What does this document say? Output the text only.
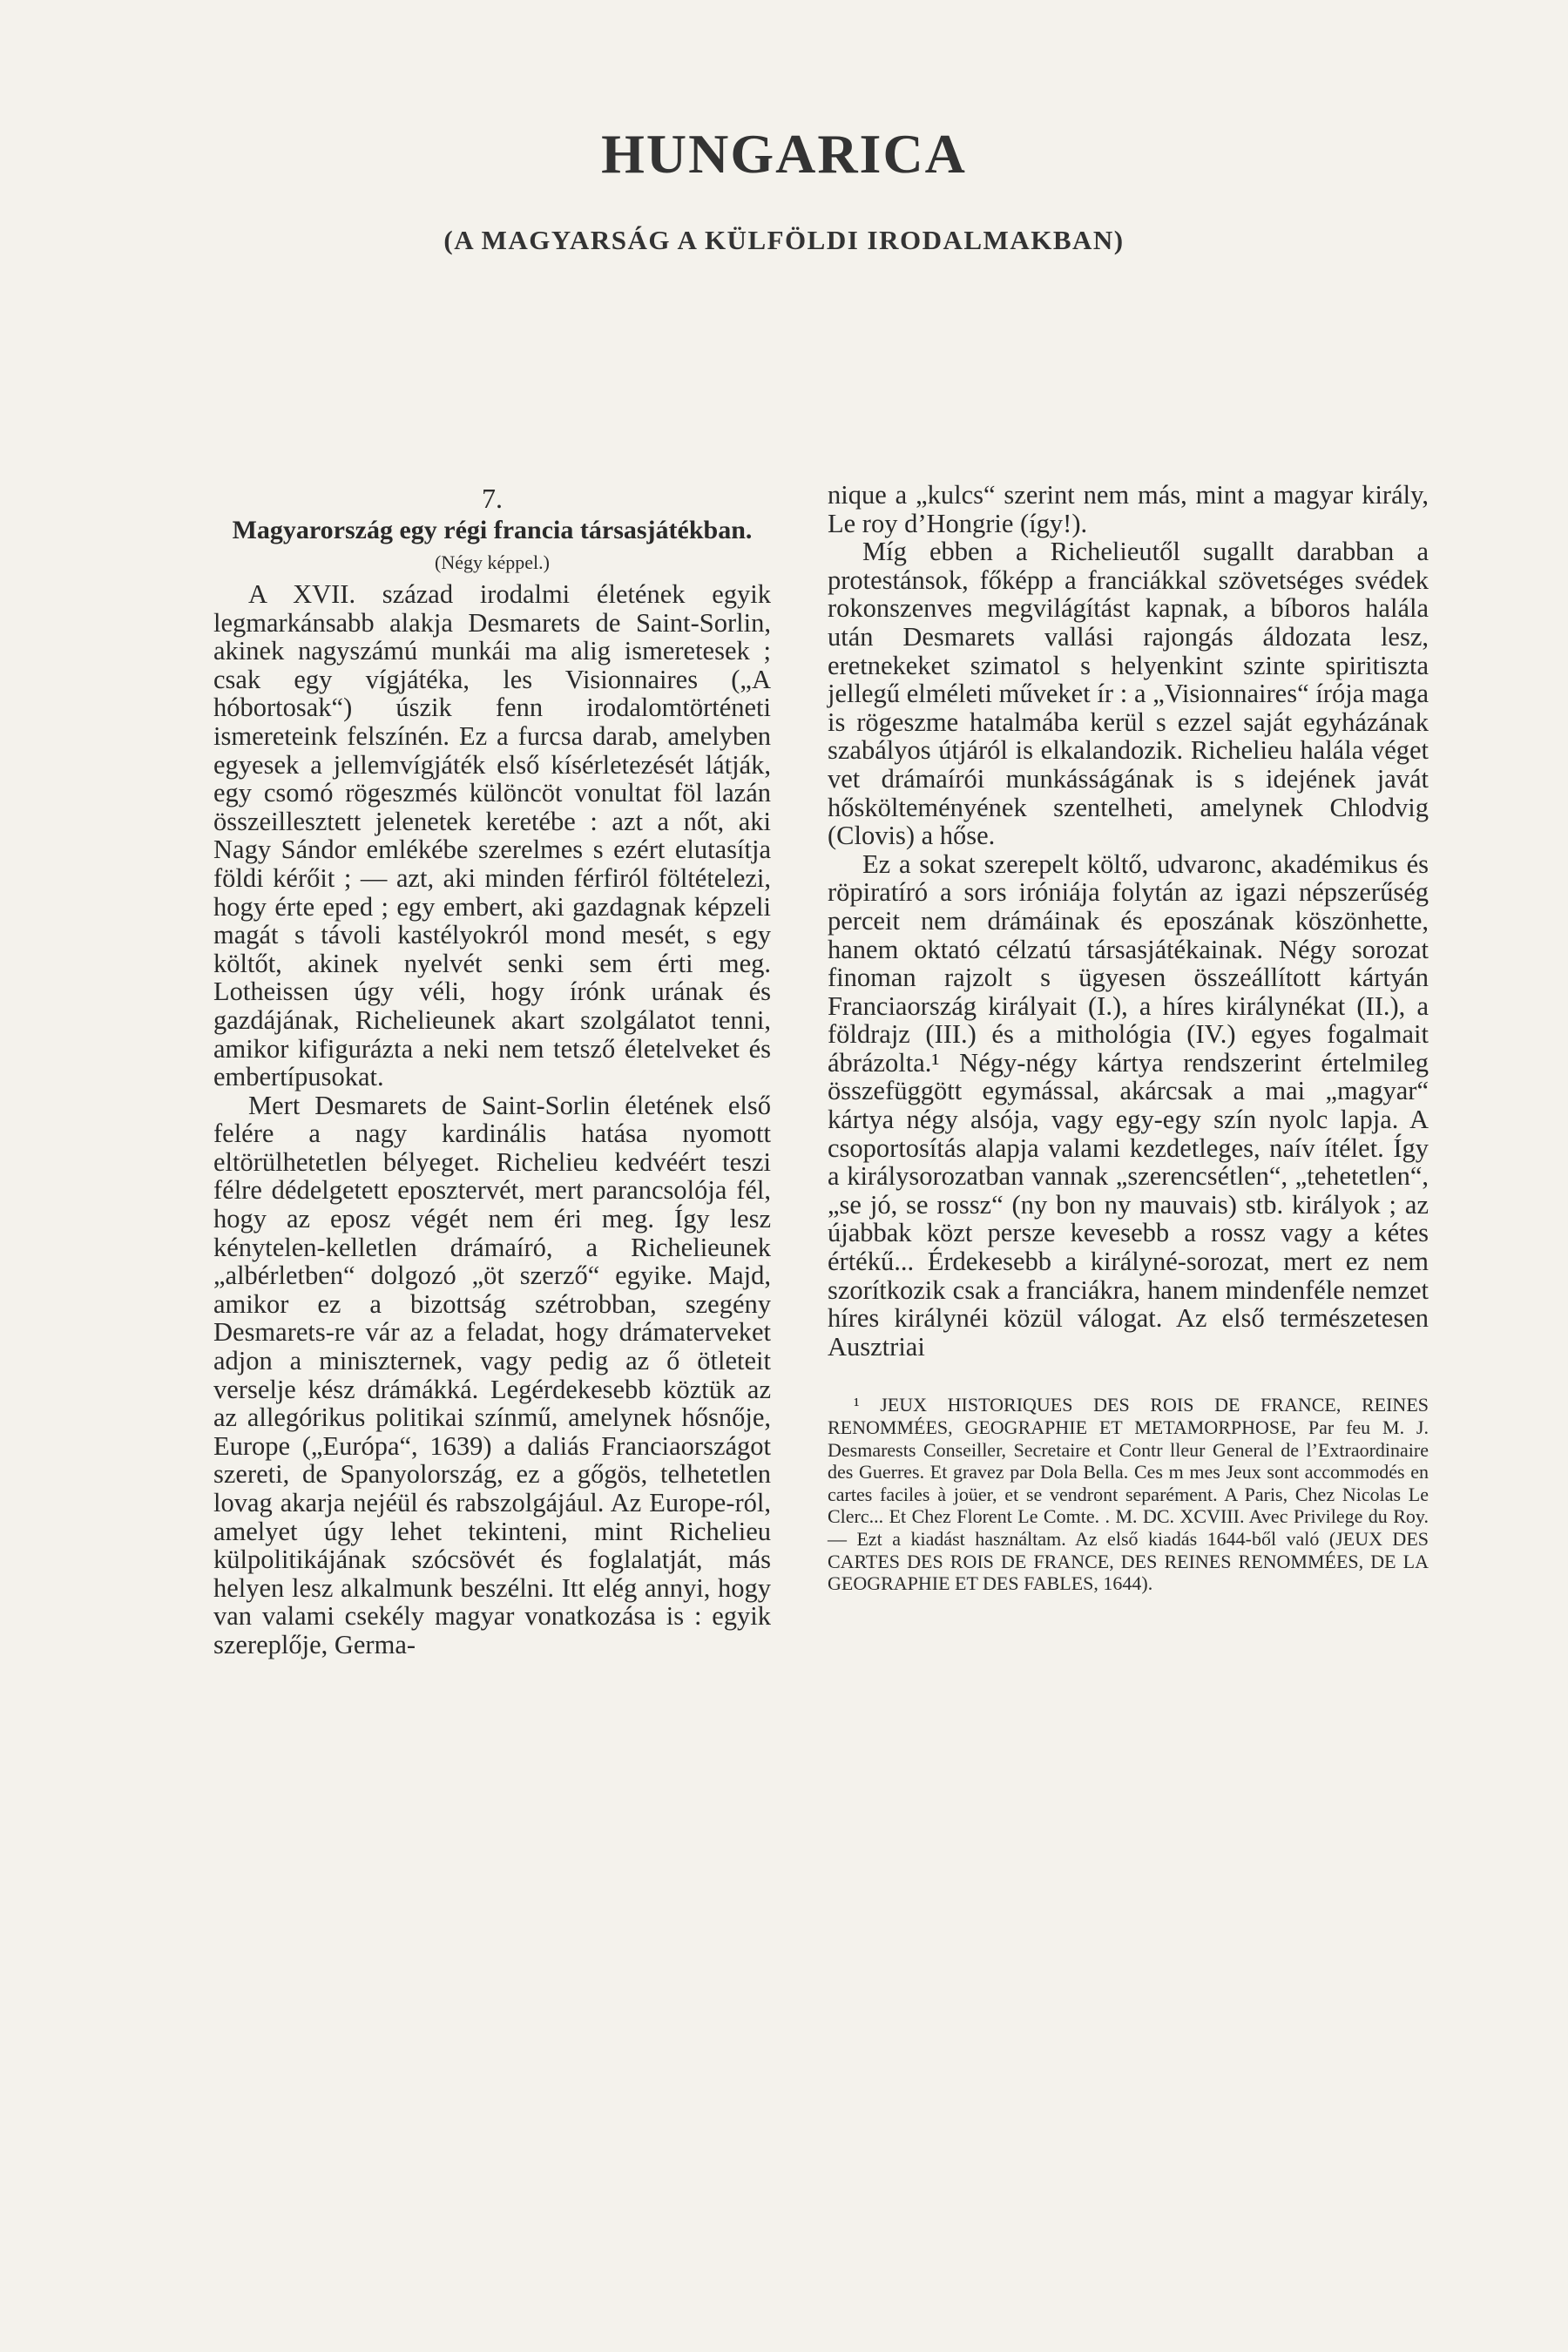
HUNGARICA
(A MAGYARSÁG A KÜLFÖLDI IRODALMAKBAN)

7.

Magyarország egy régi francia társasjátékban.

(Négy képpel.)

A XVII. század irodalmi életének egyik legmarkánsabb alakja Desmarets de Saint-Sorlin, akinek nagyszámú munkái ma alig ismeretesek ; csak egy vígjátéka, les Visionnaires („A hóbortosak“) úszik fenn irodalomtörténeti ismereteink felszínén. Ez a furcsa darab, amelyben egyesek a jellemvígjáték első kísérletezését látják, egy csomó rögeszmés különcöt vonultat föl lazán összeillesztett jelenetek keretébe : azt a nőt, aki Nagy Sándor emlékébe szerelmes s ezért elutasítja földi kérőit ; — azt, aki minden férfiról föltételezi, hogy érte eped ; egy embert, aki gazdagnak képzeli magát s távoli kastélyokról mond mesét, s egy költőt, akinek nyelvét senki sem érti meg. Lotheissen úgy véli, hogy írónk urának és gazdájának, Richelieunek akart szolgálatot tenni, amikor kifigurázta a neki nem tetsző életelveket és embertípusokat.

Mert Desmarets de Saint-Sorlin életének első felére a nagy kardinális hatása nyomott eltörülhetetlen bélyeget. Richelieu kedvéért teszi félre dédelgetett eposztervét, mert parancsolója fél, hogy az eposz végét nem éri meg. Így lesz kénytelen-kelletlen drámaíró, a Richelieunek „albérletben“ dolgozó „öt szerző“ egyike. Majd, amikor ez a bizottság szétrobban, szegény Desmarets-re vár az a feladat, hogy drámaterveket adjon a miniszternek, vagy pedig az ő ötleteit verselje kész drámákká. Legérdekesebb köztük az az allegórikus politikai színmű, amelynek hősnője, Europe („Európa“, 1639) a daliás Franciaországot szereti, de Spanyolország, ez a gőgös, telhetetlen lovag akarja nejéül és rabszolgájául. Az Europe-ról, amelyet úgy lehet tekinteni, mint Richelieu külpolitikájának szócsövét és foglalatját, más helyen lesz alkalmunk beszélni. Itt elég annyi, hogy van valami csekély magyar vonatkozása is : egyik szereplője, Germa-

nique a „kulcs“ szerint nem más, mint a magyar király, Le roy d’Hongrie (így!).

Míg ebben a Richelieutől sugallt darabban a protestánsok, főképp a franciákkal szövetséges svédek rokonszenves megvilágítást kapnak, a bíboros halála után Desmarets vallási rajongás áldozata lesz, eretnekeket szimatol s helyenkint szinte spiritiszta jellegű elméleti műveket ír : a „Visionnaires“ írója maga is rögeszme hatalmába kerül s ezzel saját egyházának szabályos útjáról is elkalandozik. Richelieu halála véget vet drámaírói munkásságának is s idejének javát hőskölteményének szentelheti, amelynek Chlodvig (Clovis) a hőse.

Ez a sokat szerepelt költő, udvaronc, akadémikus és röpiratíró a sors iróniája folytán az igazi népszerűség perceit nem drámáinak és eposzának köszönhette, hanem oktató célzatú társasjátékainak. Négy sorozat finoman rajzolt s ügyesen összeállított kártyán Franciaország királyait (I.), a híres királynékat (II.), a földrajz (III.) és a mithológia (IV.) egyes fogalmait ábrázolta.¹ Négy-négy kártya rendszerint értelmileg összefüggött egymással, akárcsak a mai „magyar“ kártya négy alsója, vagy egy-egy szín nyolc lapja. A csoportosítás alapja valami kezdetleges, naív ítélet. Így a királysorozatban vannak „szerencsétlen“, „tehetetlen“, „se jó, se rossz“ (ny bon ny mauvais) stb. királyok ; az újabbak közt persze kevesebb a rossz vagy a kétes értékű... Érdekesebb a királyné-sorozat, mert ez nem szorítkozik csak a franciákra, hanem mindenféle nemzet híres királynéi közül válogat. Az első természetesen Ausztriai

¹ JEUX HISTORIQUES DES ROIS DE FRANCE, REINES RENOMMÉES, GEOGRAPHIE ET METAMORPHOSE, Par feu M. J. Desmarests Conseiller, Secretaire et Contr lleur General de l’Extraordinaire des Guerres. Et gravez par Dola Bella. Ces m mes Jeux sont accommodés en cartes faciles à joüer, et se vendront separément. A Paris, Chez Nicolas Le Clerc... Et Chez Florent Le Comte. . M. DC. XCVIII. Avec Privilege du Roy. — Ezt a kiadást használtam. Az első kiadás 1644-ből való (JEUX DES CARTES DES ROIS DE FRANCE, DES REINES RENOMMÉES, DE LA GEOGRAPHIE ET DES FABLES, 1644).
